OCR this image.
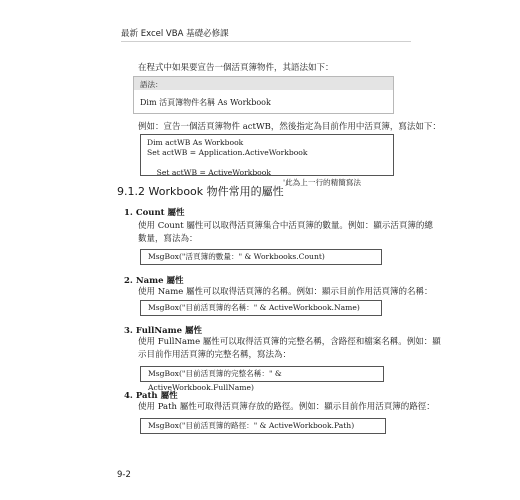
最新 Excel VBA 基礎必修課
在程式中如果要宣告一個活頁簿物件，其語法如下：
語法：
Dim 活頁簿物件名稱 As Workbook
例如：宣告一個活頁簿物件 actWB，然後指定為目前作用中活頁簿，寫法如下：
Dim actWB As Workbook
Set actWB = Application.ActiveWorkbook

Set actWB = ActiveWorkbook

'此為上一行的精簡寫法

9.1.2 Workbook 物件常用的屬性
1. Count 屬性
使用 Count 屬性可以取得活頁簿集合中活頁簿的數量。例如：顯示活頁簿的總
數量，寫法為：
MsgBox("活頁簿的數量：" & Workbooks.Count)
2. Name 屬性
使用 Name 屬性可以取得活頁簿的名稱。例如：顯示目前作用活頁簿的名稱：
MsgBox("目前活頁簿的名稱：" & ActiveWorkbook.Name)
3. FullName 屬性
使用 FullName 屬性可以取得活頁簿的完整名稱，含路徑和檔案名稱。例如：顯
示目前作用活頁簿的完整名稱，寫法為：
MsgBox("目前活頁簿的完整名稱：" & ActiveWorkbook.FullName)
4. Path 屬性
使用 Path 屬性可取得活頁簿存放的路徑。例如：顯示目前作用活頁簿的路徑：
MsgBox("目前活頁簿的路徑：" & ActiveWorkbook.Path)
9-2
